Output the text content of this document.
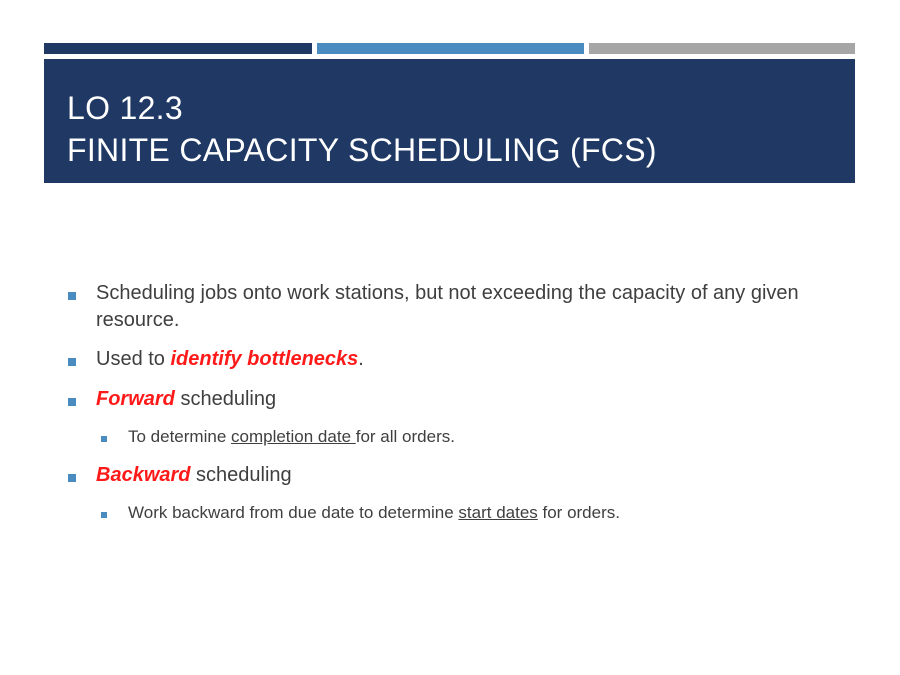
LO 12.3
FINITE CAPACITY SCHEDULING (FCS)
Scheduling jobs onto work stations, but not exceeding the capacity of any given
resource.
Used to identify bottlenecks.
Forward scheduling
To determine completion date for all orders.
Backward scheduling
Work backward from due date to determine start dates for orders.
